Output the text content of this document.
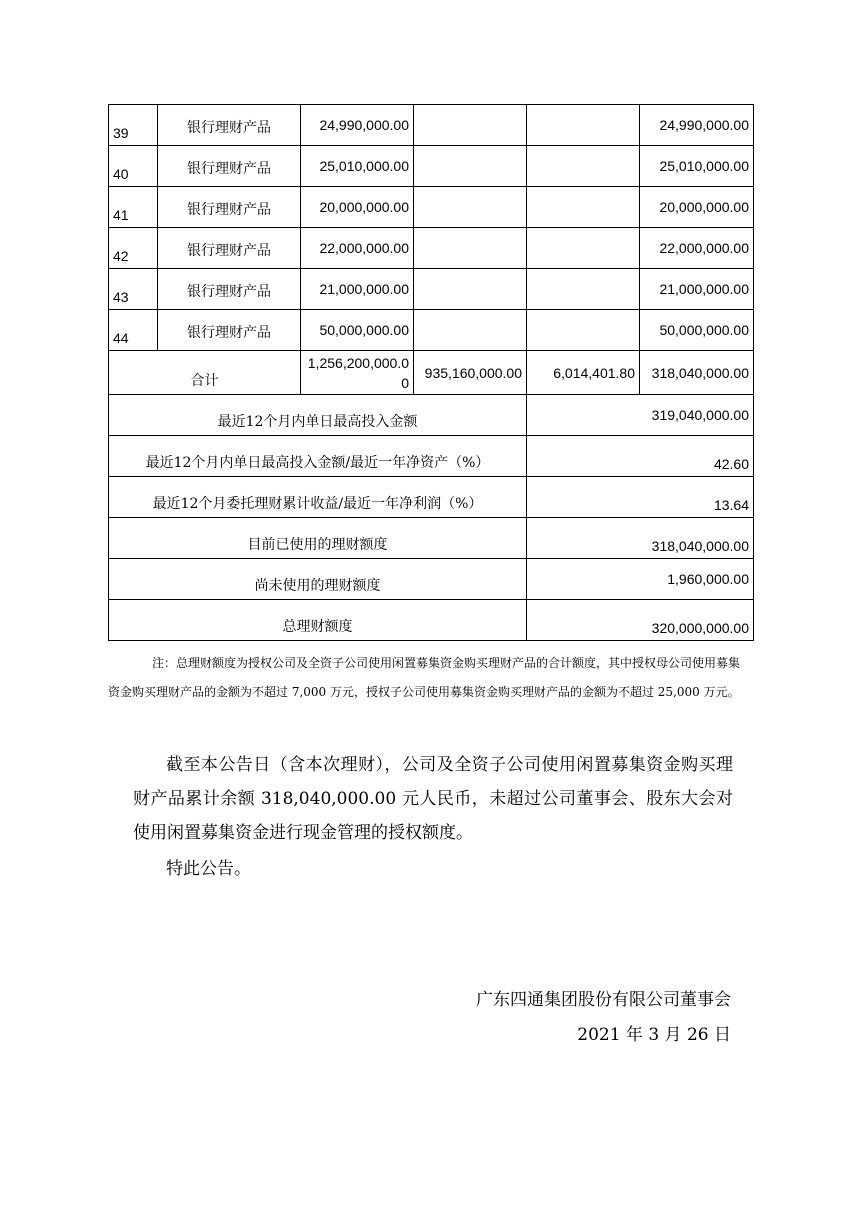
39	银行理财产品	24,990,000.00			24,990,000.00
40	银行理财产品	25,010,000.00			25,010,000.00
41	银行理财产品	20,000,000.00			20,000,000.00
42	银行理财产品	22,000,000.00			22,000,000.00
43	银行理财产品	21,000,000.00			21,000,000.00
44	银行理财产品	50,000,000.00			50,000,000.00
合计		1,256,200,000.00	935,160,000.00	6,014,401.80	318,040,000.00
最近12个月内单日最高投入金额				319,040,000.00	
最近12个月内单日最高投入金额/最近一年净资产（%）				42.60	
最近12个月委托理财累计收益/最近一年净利润（%）				13.64	
目前已使用的理财额度				318,040,000.00	
尚未使用的理财额度				1,960,000.00	
总理财额度				320,000,000.00	
注：总理财额度为授权公司及全资子公司使用闲置募集资金购买理财产品的合计额度，其中授权母公司使用募集资金购买理财产品的金额为不超过 7,000 万元，授权子公司使用募集资金购买理财产品的金额为不超过 25,000 万元。
截至本公告日（含本次理财），公司及全资子公司使用闲置募集资金购买理财产品累计余额 318,040,000.00 元人民币，未超过公司董事会、股东大会对使用闲置募集资金进行现金管理的授权额度。
特此公告。
广东四通集团股份有限公司董事会
2021 年 3 月 26 日
